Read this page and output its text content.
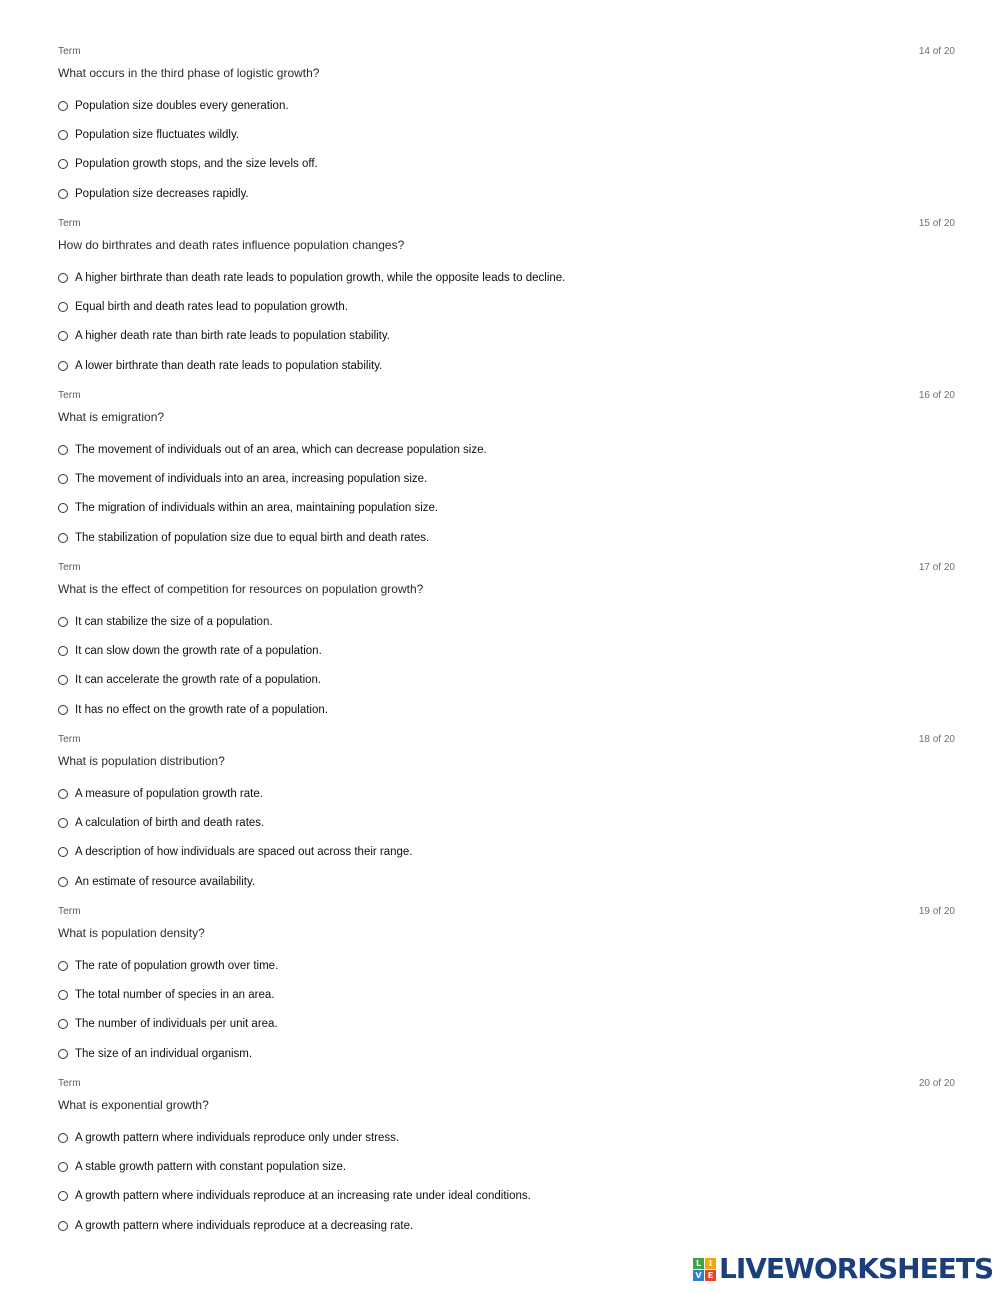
Term	14 of 20
What occurs in the third phase of logistic growth?
Population size doubles every generation.
Population size fluctuates wildly.
Population growth stops, and the size levels off.
Population size decreases rapidly.
Term	15 of 20
How do birthrates and death rates influence population changes?
A higher birthrate than death rate leads to population growth, while the opposite leads to decline.
Equal birth and death rates lead to population growth.
A higher death rate than birth rate leads to population stability.
A lower birthrate than death rate leads to population stability.
Term	16 of 20
What is emigration?
The movement of individuals out of an area, which can decrease population size.
The movement of individuals into an area, increasing population size.
The migration of individuals within an area, maintaining population size.
The stabilization of population size due to equal birth and death rates.
Term	17 of 20
What is the effect of competition for resources on population growth?
It can stabilize the size of a population.
It can slow down the growth rate of a population.
It can accelerate the growth rate of a population.
It has no effect on the growth rate of a population.
Term	18 of 20
What is population distribution?
A measure of population growth rate.
A calculation of birth and death rates.
A description of how individuals are spaced out across their range.
An estimate of resource availability.
Term	19 of 20
What is population density?
The rate of population growth over time.
The total number of species in an area.
The number of individuals per unit area.
The size of an individual organism.
Term	20 of 20
What is exponential growth?
A growth pattern where individuals reproduce only under stress.
A stable growth pattern with constant population size.
A growth pattern where individuals reproduce at an increasing rate under ideal conditions.
A growth pattern where individuals reproduce at a decreasing rate.
L I
V E LIVEWORKSHEETS
